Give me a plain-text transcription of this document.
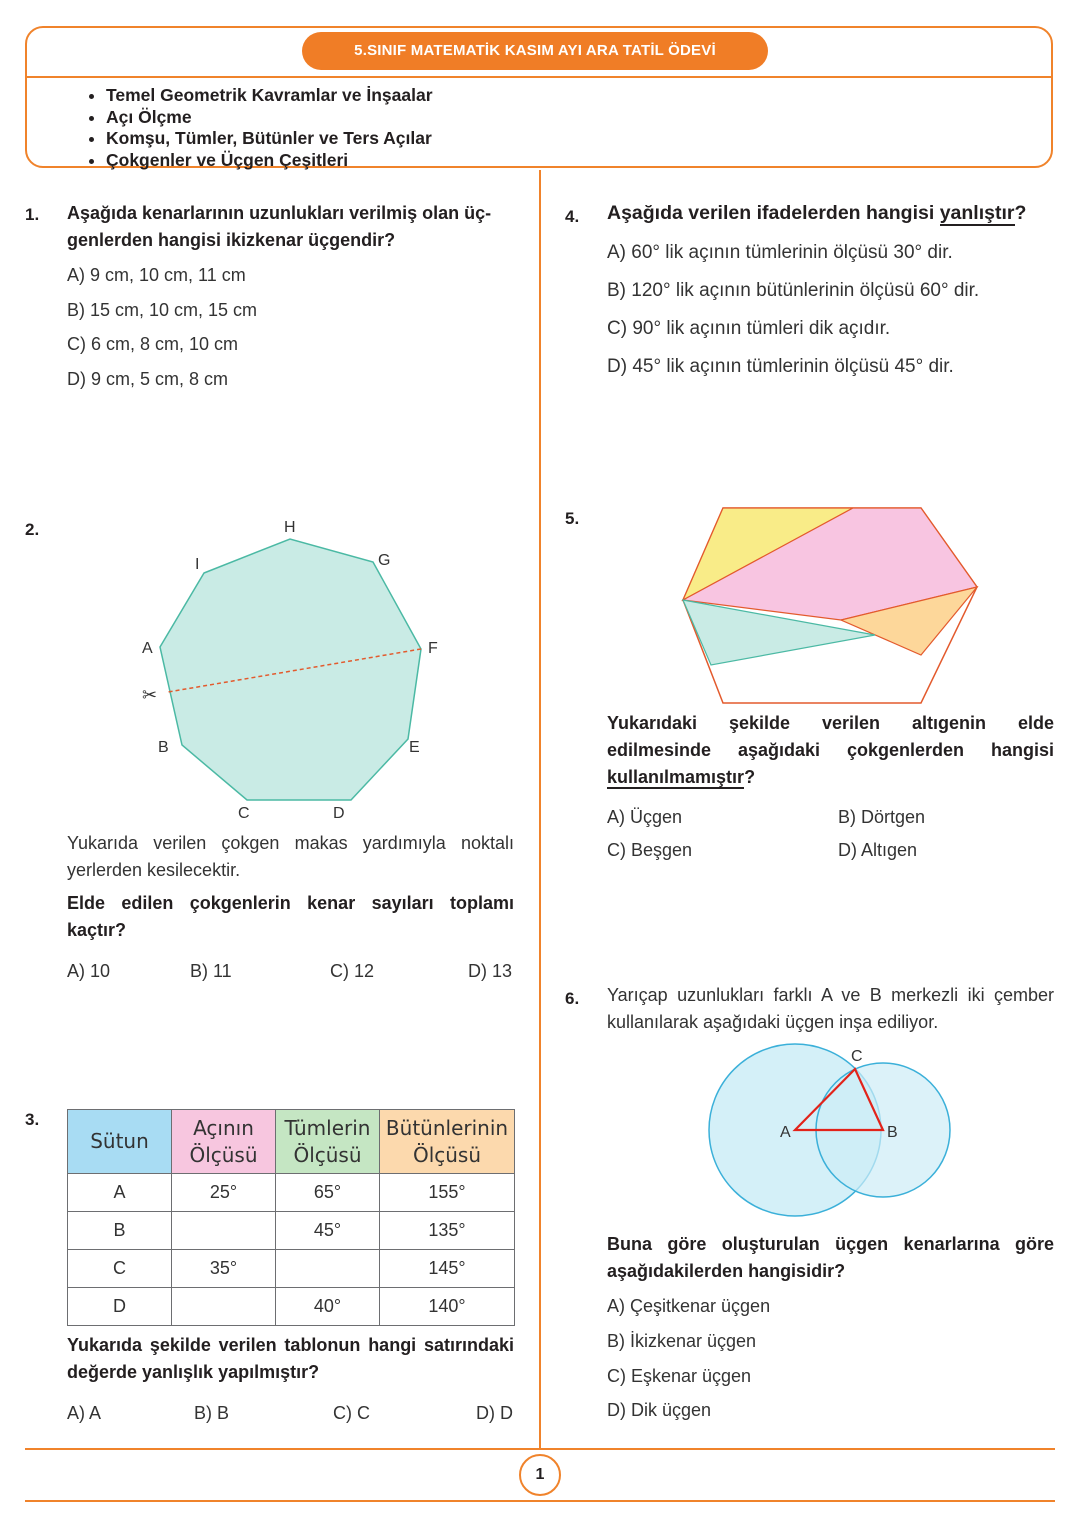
5.SINIF MATEMATİK KASIM AYI ARA TATİL ÖDEVİ
• Temel Geometrik Kavramlar ve İnşaalar
• Açı Ölçme
• Komşu, Tümler, Bütünler ve Ters Açılar
• Çokgenler ve Üçgen Çeşitleri
1. Aşağıda kenarlarının uzunlukları verilmiş olan üç-
genlerden hangisi ikizkenar üçgendir?
A) 9 cm, 10 cm, 11 cm
B) 15 cm, 10 cm, 15 cm
C) 6 cm, 8 cm, 10 cm
D) 9 cm, 5 cm, 8 cm
2.
✂
A
B
C	D
E
F
G
H
I
Yukarıda verilen çokgen makas yardımıyla noktalı yerlerden kesilecektir.
Elde edilen çokgenlerin kenar sayıları toplamı kaçtır?
A) 10	B) 11	C) 12	D) 13
3.
Sütun	Açının Ölçüsü	Tümlerin Ölçüsü	Bütünlerinin Ölçüsü
A	25°	65°	155°
B		45°	135°
C	35°		145°
D		40°	140°
Yukarıda şekilde verilen tablonun hangi satırındaki değerde yanlışlık yapılmıştır?
A) A	B) B	C) C	D) D
4. Aşağıda verilen ifadelerden hangisi yanlıştır?
A) 60° lik açının tümlerinin ölçüsü 30° dir.
B) 120° lik açının bütünlerinin ölçüsü 60° dir.
C) 90° lik açının tümleri dik açıdır.
D) 45° lik açının tümlerinin ölçüsü 45° dir.
5.
Yukarıdaki şekilde verilen altıgenin elde edilmesinde aşağıdaki çokgenlerden hangisi kullanılmamıştır?
A) Üçgen	B) Dörtgen
C) Beşgen	D) Altıgen
6. Yarıçap uzunlukları farklı A ve B merkezli iki çember kullanılarak aşağıdaki üçgen inşa ediliyor.
A	B
C
Buna göre oluşturulan üçgen kenarlarına göre aşağıdakilerden hangisidir?
A) Çeşitkenar üçgen
B) İkizkenar üçgen
C) Eşkenar üçgen
D) Dik üçgen
1
